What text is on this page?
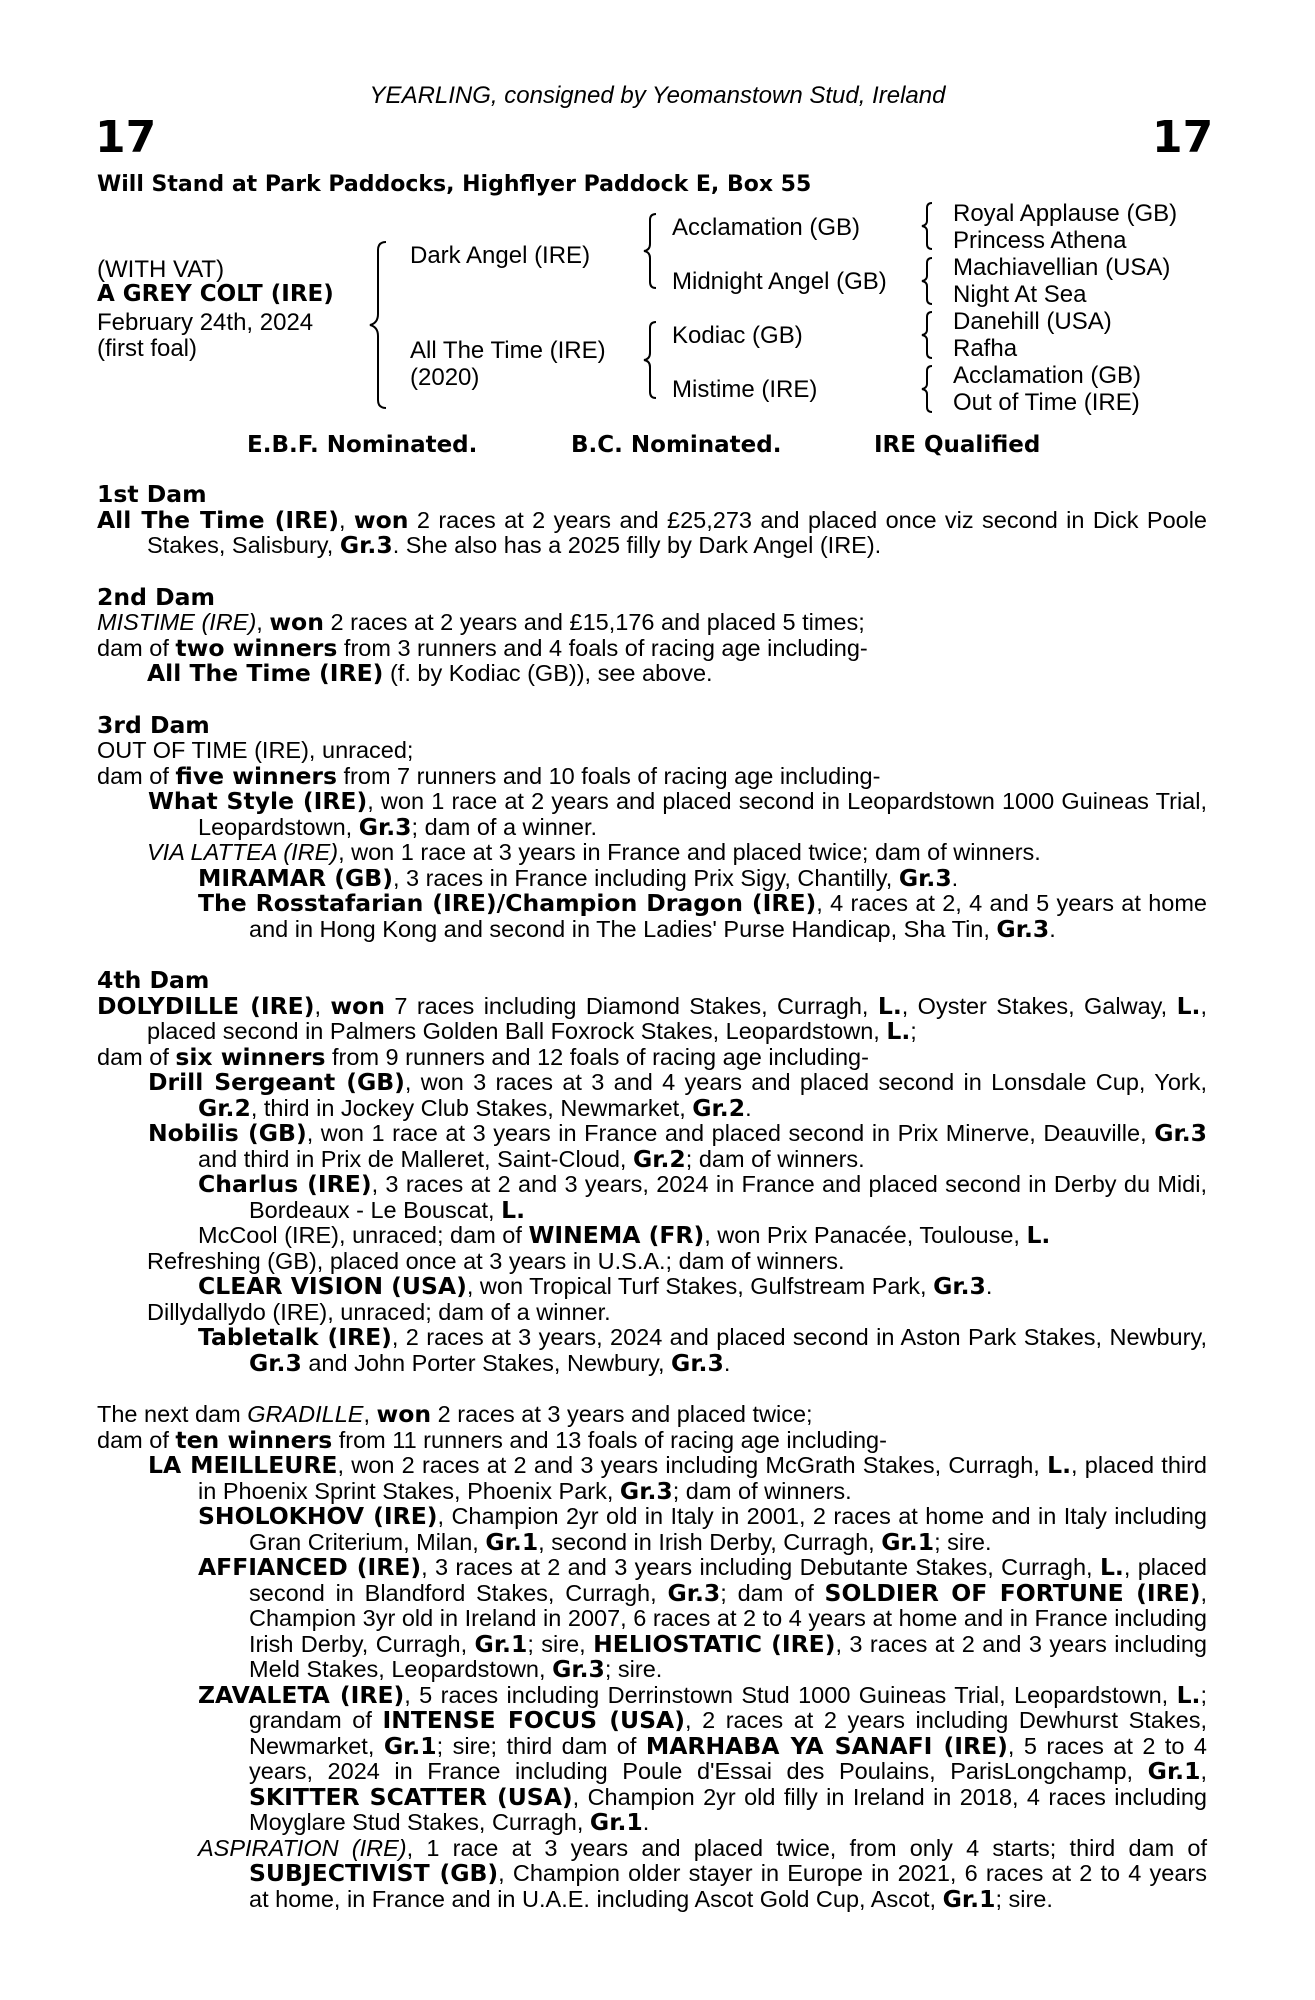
YEARLING, consigned by Yeomanstown Stud, Ireland
17	17
Will Stand at Park Paddocks, Highflyer Paddock E, Box 55
(WITH VAT)
A GREY COLT (IRE)
February 24th, 2024
(first foal)
Dark Angel (IRE)
All The Time (IRE)
(2020)
Acclamation (GB)
Midnight Angel (GB)
Kodiac (GB)
Mistime (IRE)
Royal Applause (GB)
Princess Athena
Machiavellian (USA)
Night At Sea
Danehill (USA)
Rafha
Acclamation (GB)
Out of Time (IRE)
E.B.F. Nominated.	B.C. Nominated.	IRE Qualified

1st Dam

All The Time (IRE), won 2 races at 2 years and £25,273 and placed once viz second in Dick Poole Stakes, Salisbury, Gr.3. She also has a 2025 filly by Dark Angel (IRE).

2nd Dam

MISTIME (IRE), won 2 races at 2 years and £15,176 and placed 5 times;

dam of two winners from 3 runners and 4 foals of racing age including-

All The Time (IRE) (f. by Kodiac (GB)), see above.

3rd Dam

OUT OF TIME (IRE), unraced;

dam of five winners from 7 runners and 10 foals of racing age including-

What Style (IRE), won 1 race at 2 years and placed second in Leopardstown 1000 Guineas Trial, Leopardstown, Gr.3; dam of a winner.

VIA LATTEA (IRE), won 1 race at 3 years in France and placed twice; dam of winners.

MIRAMAR (GB), 3 races in France including Prix Sigy, Chantilly, Gr.3.

The Rosstafarian (IRE)/Champion Dragon (IRE), 4 races at 2, 4 and 5 years at home and in Hong Kong and second in The Ladies' Purse Handicap, Sha Tin, Gr.3.

4th Dam

DOLYDILLE (IRE), won 7 races including Diamond Stakes, Curragh, L., Oyster Stakes, Galway, L., placed second in Palmers Golden Ball Foxrock Stakes, Leopardstown, L.;

dam of six winners from 9 runners and 12 foals of racing age including-

Drill Sergeant (GB), won 3 races at 3 and 4 years and placed second in Lonsdale Cup, York, Gr.2, third in Jockey Club Stakes, Newmarket, Gr.2.

Nobilis (GB), won 1 race at 3 years in France and placed second in Prix Minerve, Deauville, Gr.3 and third in Prix de Malleret, Saint-Cloud, Gr.2; dam of winners.

Charlus (IRE), 3 races at 2 and 3 years, 2024 in France and placed second in Derby du Midi, Bordeaux - Le Bouscat, L.

McCool (IRE), unraced; dam of WINEMA (FR), won Prix Panacée, Toulouse, L.

Refreshing (GB), placed once at 3 years in U.S.A.; dam of winners.

CLEAR VISION (USA), won Tropical Turf Stakes, Gulfstream Park, Gr.3.

Dillydallydo (IRE), unraced; dam of a winner.

Tabletalk (IRE), 2 races at 3 years, 2024 and placed second in Aston Park Stakes, Newbury, Gr.3 and John Porter Stakes, Newbury, Gr.3.

The next dam GRADILLE, won 2 races at 3 years and placed twice;

dam of ten winners from 11 runners and 13 foals of racing age including-

LA MEILLEURE, won 2 races at 2 and 3 years including McGrath Stakes, Curragh, L., placed third in Phoenix Sprint Stakes, Phoenix Park, Gr.3; dam of winners.

SHOLOKHOV (IRE), Champion 2yr old in Italy in 2001, 2 races at home and in Italy including Gran Criterium, Milan, Gr.1, second in Irish Derby, Curragh, Gr.1; sire.

AFFIANCED (IRE), 3 races at 2 and 3 years including Debutante Stakes, Curragh, L., placed second in Blandford Stakes, Curragh, Gr.3; dam of SOLDIER OF FORTUNE (IRE), Champion 3yr old in Ireland in 2007, 6 races at 2 to 4 years at home and in France including Irish Derby, Curragh, Gr.1; sire, HELIOSTATIC (IRE), 3 races at 2 and 3 years including Meld Stakes, Leopardstown, Gr.3; sire.

ZAVALETA (IRE), 5 races including Derrinstown Stud 1000 Guineas Trial, Leopardstown, L.; grandam of INTENSE FOCUS (USA), 2 races at 2 years including Dewhurst Stakes, Newmarket, Gr.1; sire; third dam of MARHABA YA SANAFI (IRE), 5 races at 2 to 4 years, 2024 in France including Poule d'Essai des Poulains, ParisLongchamp, Gr.1, SKITTER SCATTER (USA), Champion 2yr old filly in Ireland in 2018, 4 races including Moyglare Stud Stakes, Curragh, Gr.1.

ASPIRATION (IRE), 1 race at 3 years and placed twice, from only 4 starts; third dam of SUBJECTIVIST (GB), Champion older stayer in Europe in 2021, 6 races at 2 to 4 years at home, in France and in U.A.E. including Ascot Gold Cup, Ascot, Gr.1; sire.
